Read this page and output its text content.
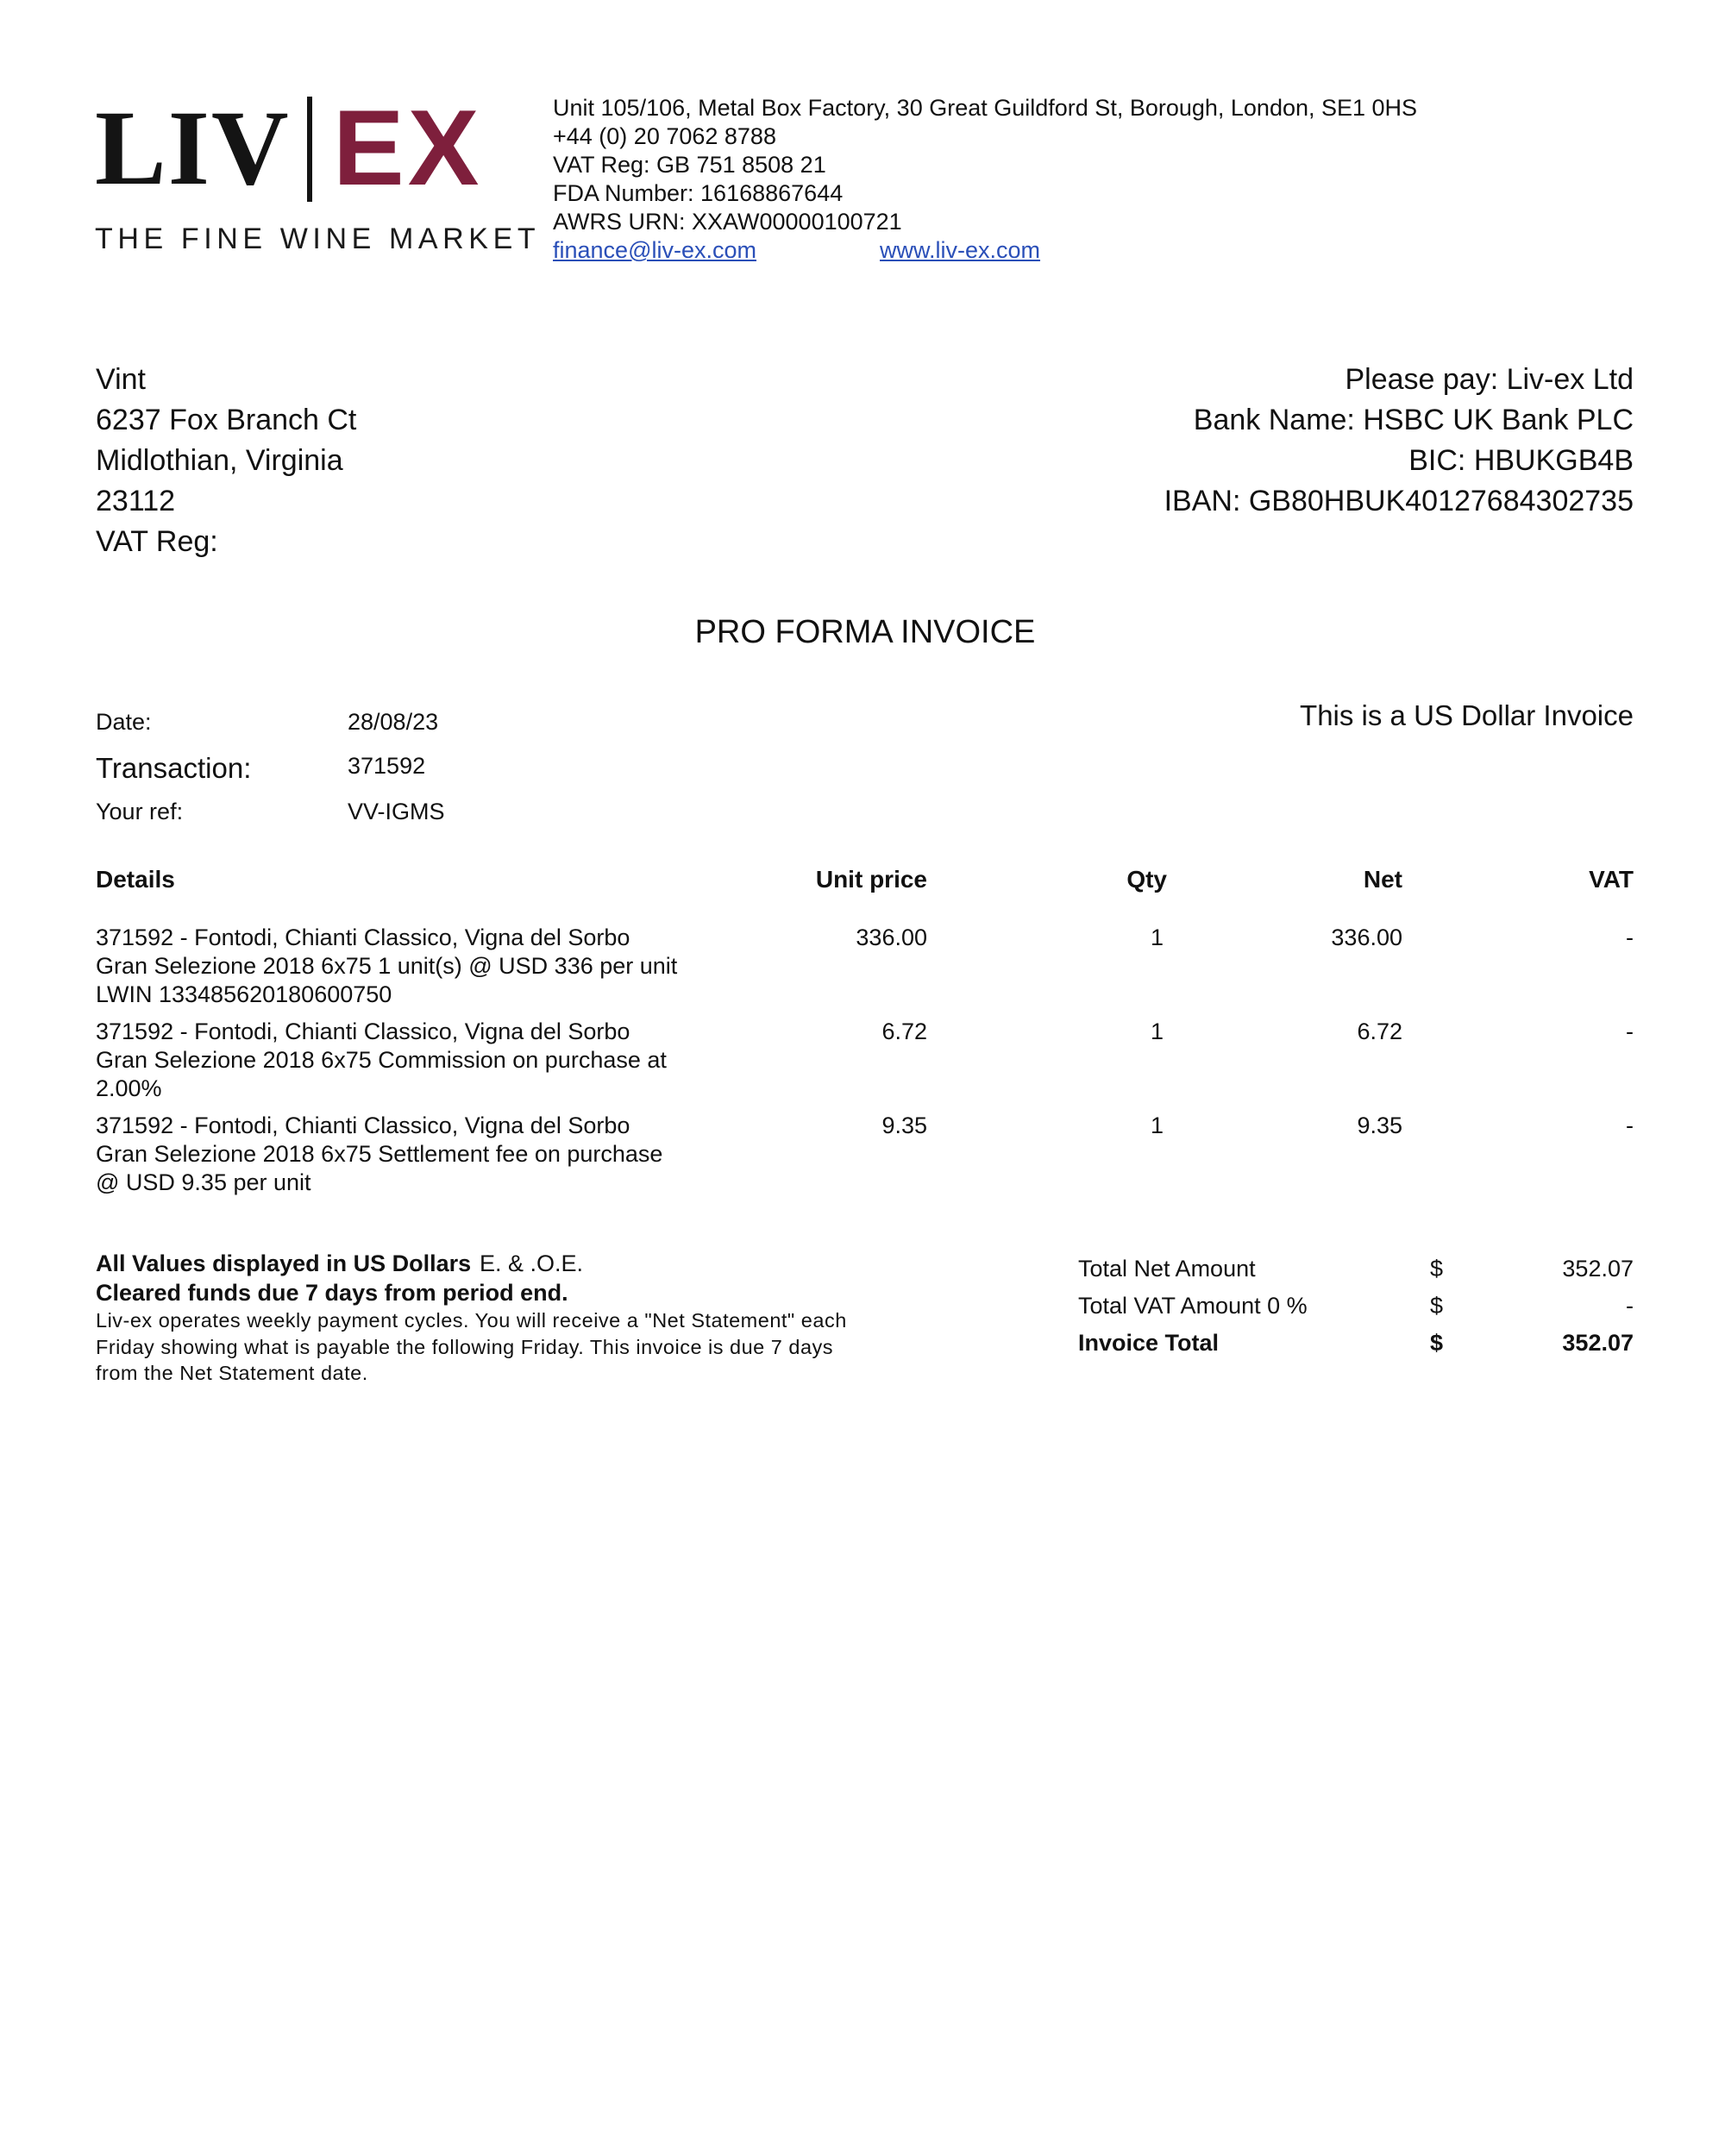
LIV EX
THE FINE WINE MARKET
Unit 105/106, Metal Box Factory, 30 Great Guildford St, Borough, London, SE1 0HS
+44 (0) 20 7062 8788
VAT Reg: GB 751 8508 21
FDA Number: 16168867644
AWRS URN: XXAW00000100721
finance@liv-ex.com	www.liv-ex.com
Vint
6237 Fox Branch Ct
Midlothian, Virginia
23112
VAT Reg:
Please pay: Liv-ex Ltd
Bank Name: HSBC UK Bank PLC
BIC: HBUKGB4B
IBAN: GB80HBUK40127684302735
PRO FORMA INVOICE
Date:	28/08/23
Transaction:	371592
Your ref:	VV-IGMS
This is a US Dollar Invoice
Details	Unit price	Qty	Net	VAT
371592 - Fontodi, Chianti Classico, Vigna del Sorbo
Gran Selezione 2018 6x75 1 unit(s) @ USD 336 per unit
LWIN 133485620180600750
336.00	1	336.00	-
371592 - Fontodi, Chianti Classico, Vigna del Sorbo
Gran Selezione 2018 6x75 Commission on purchase at
2.00%
6.72	1	6.72	-
371592 - Fontodi, Chianti Classico, Vigna del Sorbo
Gran Selezione 2018 6x75 Settlement fee on purchase
@ USD 9.35 per unit
9.35	1	9.35	-
All Values displayed in US Dollars E. & .O.E.
Cleared funds due 7 days from period end.
Liv-ex operates weekly payment cycles. You will receive a "Net Statement" each
Friday showing what is payable the following Friday. This invoice is due 7 days
from the Net Statement date.
Total Net Amount	$	352.07
Total VAT Amount 0 %	$	-
Invoice Total	$	352.07
